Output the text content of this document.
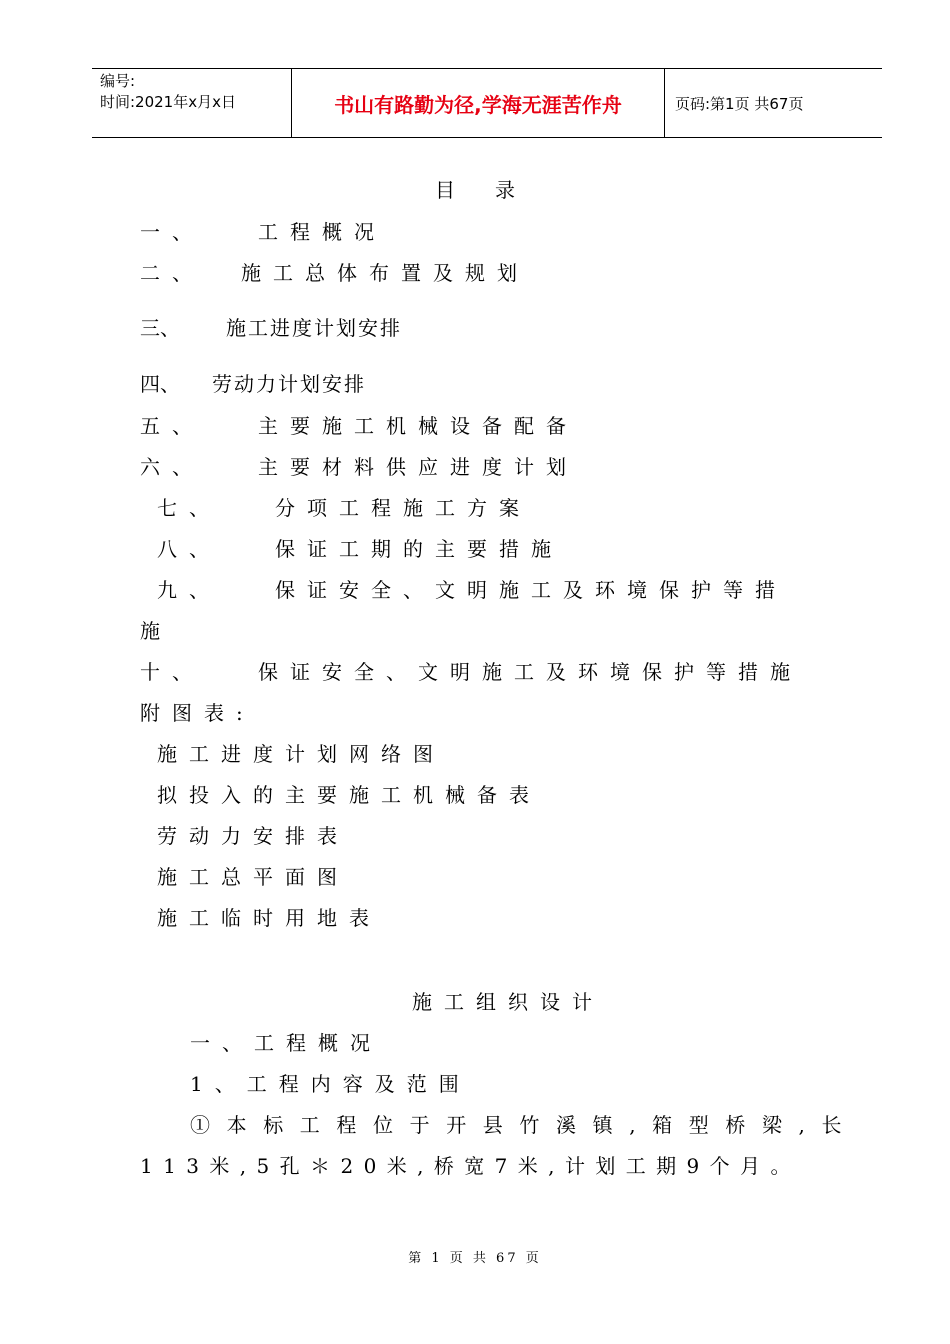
编号:
时间:2021年x月x日	书山有路勤为径,学海无涯苦作舟	页码:第1页 共67页
目　　录
一、	工程概况
二、 施工总体布置及规划
三、 施工进度计划安排
四、 劳动力计划安排
五、	主要施工机械设备配备
六、	主要材料供应进度计划
七、	分项工程施工方案
八、	保证工期的主要措施
九、	保证安全、文明施工及环境保护等措
施
十、	保证安全、文明施工及环境保护等措施
附图表:
施工进度计划网络图
拟投入的主要施工机械备表
劳动力安排表
施工总平面图
施工临时用地表
施工组织设计
一、工程概况
1、工程内容及范围
①本标工程位于开县竹溪镇,箱型桥梁,长
113米,5孔＊20米,桥宽7米,计划工期9个月。
第 1 页 共 67 页
